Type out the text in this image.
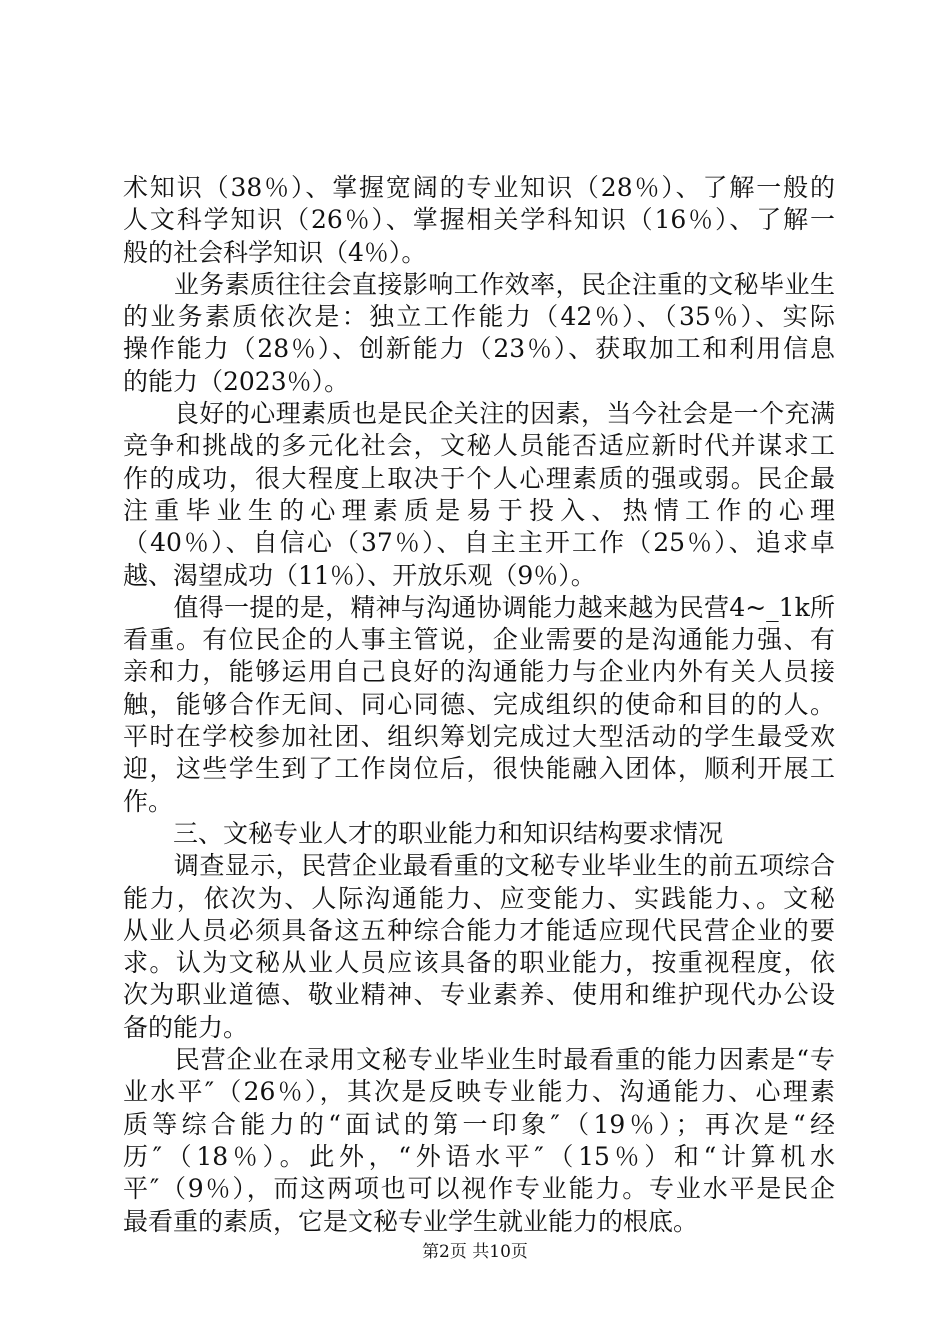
术知识（38％）、掌握宽阔的专业知识（28％）、了解一般的
人文科学知识（26％）、掌握相关学科知识（16％）、了解一
般的社会科学知识（4％）。
　　业务素质往往会直接影响工作效率，民企注重的文秘毕业生
的业务素质依次是：独立工作能力（42％）、（35％）、实际
操作能力（28％）、创新能力（23％）、获取加工和利用信息
的能力（2023％）。
　　良好的心理素质也是民企关注的因素，当今社会是一个充满
竞争和挑战的多元化社会，文秘人员能否适应新时代并谋求工
作的成功，很大程度上取决于个人心理素质的强或弱。民企最
注重毕业生的心理素质是易于投入、热情工作的心理
（40％）、自信心（37％）、自主主开工作（25％）、追求卓
越、渴望成功（11％）、开放乐观（9％）。
　　值得一提的是，精神与沟通协调能力越来越为民营4~_1k所
看重。有位民企的人事主管说，企业需要的是沟通能力强、有
亲和力，能够运用自己良好的沟通能力与企业内外有关人员接
触，能够合作无间、同心同德、完成组织的使命和目的的人。
平时在学校参加社团、组织筹划完成过大型活动的学生最受欢
迎，这些学生到了工作岗位后，很快能融入团体，顺利开展工
作。
　　三、文秘专业人才的职业能力和知识结构要求情况
　　调查显示，民营企业最看重的文秘专业毕业生的前五项综合
能力，依次为、人际沟通能力、应变能力、实践能力、。文秘
从业人员必须具备这五种综合能力才能适应现代民营企业的要
求。认为文秘从业人员应该具备的职业能力，按重视程度，依
次为职业道德、敬业精神、专业素养、使用和维护现代办公设
备的能力。
　　民营企业在录用文秘专业毕业生时最看重的能力因素是“专
业水平″（26％），其次是反映专业能力、沟通能力、心理素
质等综合能力的“面试的第一印象″（19％）；再次是“经
历″（18％）。此外，“外语水平″（15％）和“计算机水
平″（9％），而这两项也可以视作专业能力。专业水平是民企
最看重的素质，它是文秘专业学生就业能力的根底。
第2页 共10页
